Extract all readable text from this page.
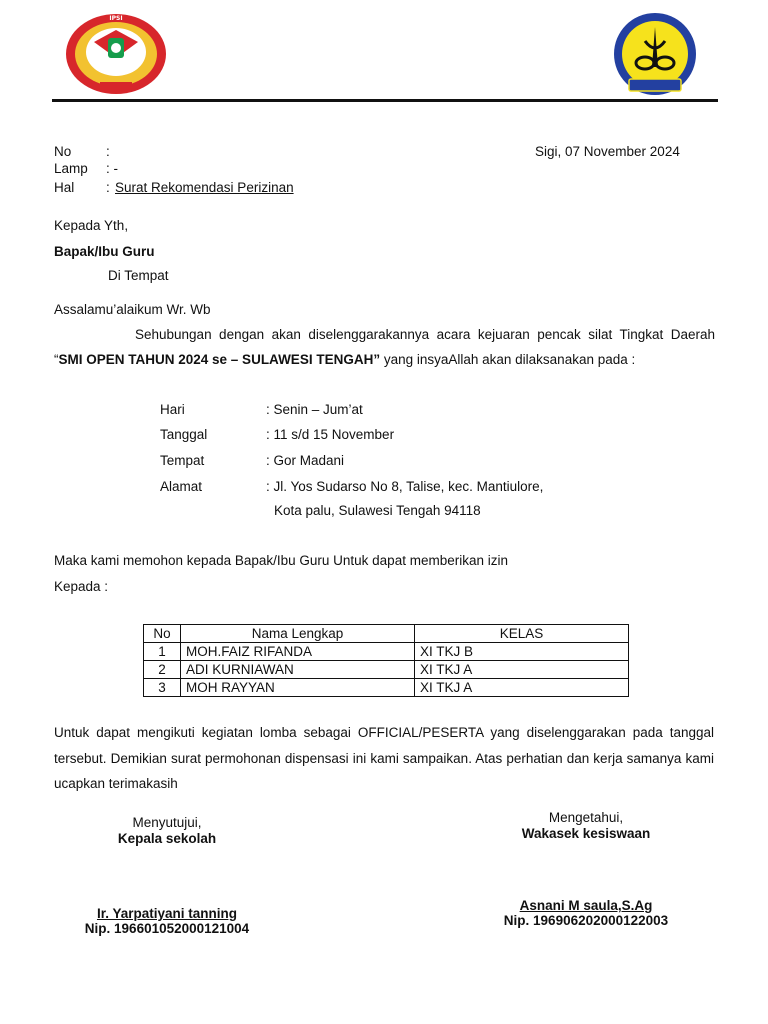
IPSI
No	:
Lamp : -
Hal : Surat Rekomendasi Perizinan
Sigi, 07 November 2024
Kepada Yth,
Bapak/Ibu Guru
Di Tempat
Assalamu’alaikum Wr. Wb
Sehubungan dengan akan diselenggarakannya acara kejuaran pencak silat Tingkat Daerah
“SMI OPEN TAHUN 2024 se – SULAWESI TENGAH” yang insyaAllah akan dilaksanakan pada :
Hari	: Senin – Jum’at
Tanggal	: 11 s/d 15 November
Tempat	: Gor Madani
Alamat	: Jl. Yos Sudarso No 8, Talise, kec. Mantiulore,
Kota palu, Sulawesi Tengah 94118
Maka kami memohon kepada Bapak/Ibu Guru Untuk dapat memberikan izin
Kepada :
No	Nama Lengkap	KELAS
1	MOH.FAIZ RIFANDA	XI TKJ B
2	ADI KURNIAWAN	XI TKJ A
3	MOH RAYYAN	XI TKJ A
Untuk dapat mengikuti kegiatan lomba sebagai OFFICIAL/PESERTA yang diselenggarakan pada tanggal tersebut. Demikian surat permohonan dispensasi ini kami sampaikan. Atas perhatian dan kerja samanya kami ucapkan terimakasih
Menyutujui,
Kepala sekolah
Ir. Yarpatiyani tanning
Nip. 196601052000121004
Mengetahui,
Wakasek kesiswaan
Asnani M saula,S.Ag
Nip. 196906202000122003
